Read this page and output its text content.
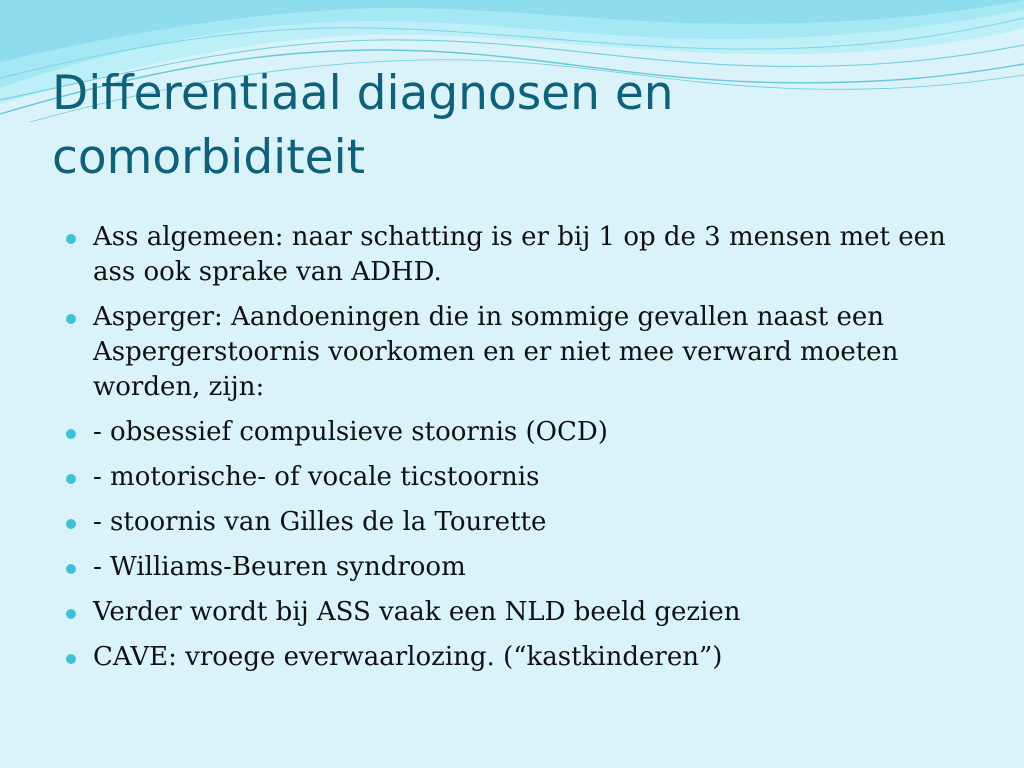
Differentiaal diagnosen en comorbiditeit
Ass algemeen: naar schatting is er bij 1 op de 3 mensen met een ass ook sprake van ADHD.
Asperger: Aandoeningen die in sommige gevallen naast een Aspergerstoornis voorkomen en er niet mee verward moeten worden, zijn:
- obsessief compulsieve stoornis (OCD)
- motorische- of vocale ticstoornis
- stoornis van Gilles de la Tourette
- Williams-Beuren syndroom
Verder wordt bij ASS vaak een NLD beeld gezien
CAVE: vroege everwaarlozing. (“kastkinderen”)
